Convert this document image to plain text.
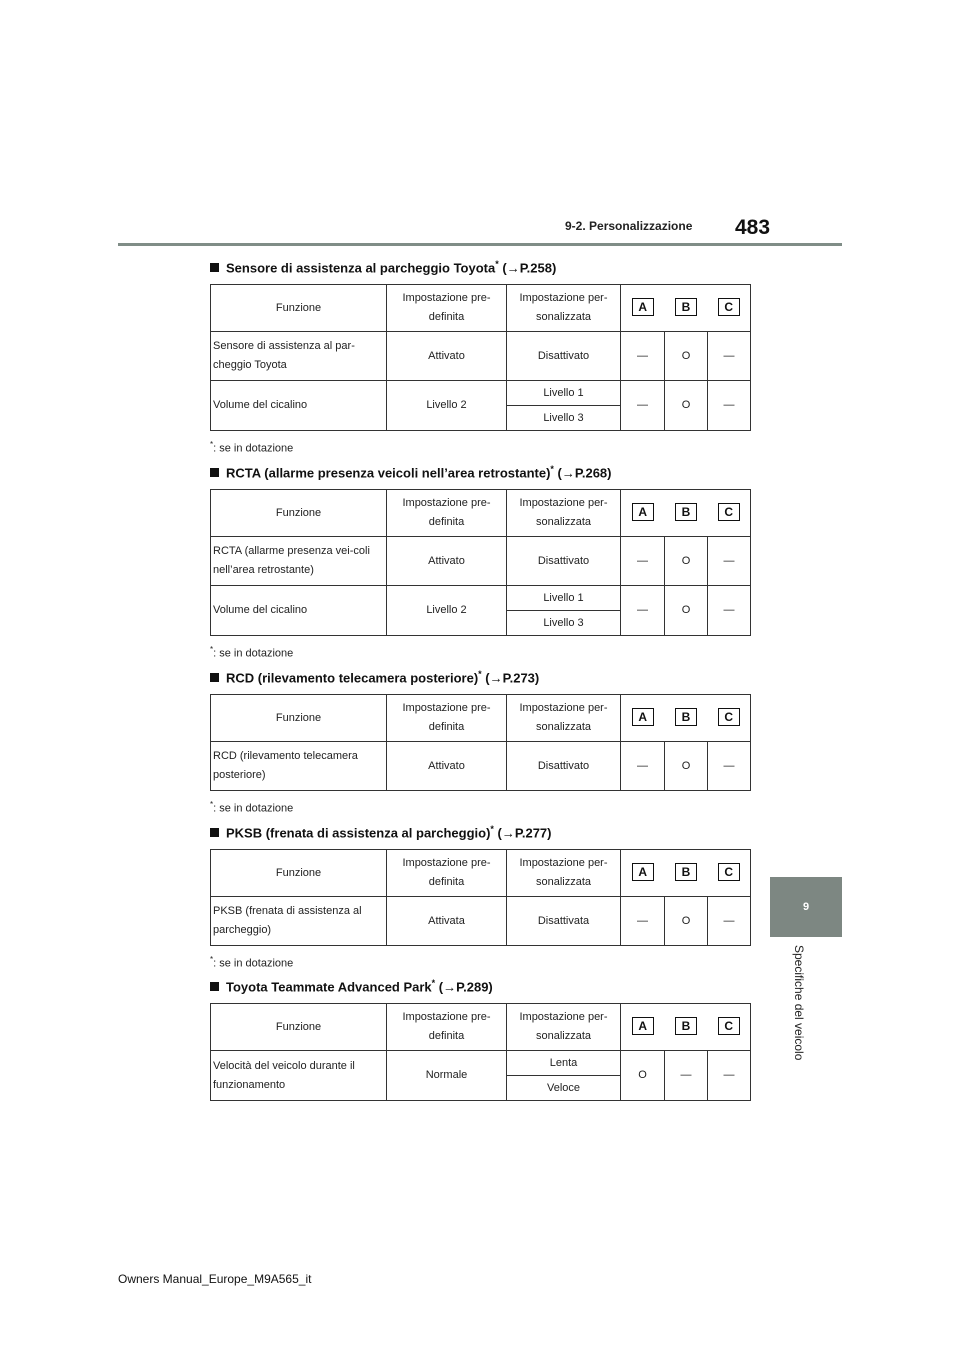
9-2. Personalizzazione	483
9
Specifiche del veicolo
Owners Manual_Europe_M9A565_it
Sensore di assistenza al parcheggio Toyota* (→P.258)
Funzione	Impostazione pre-definita	Impostazione per-sonalizzata	A	B	C
Sensore di assistenza al par-cheggio Toyota	Attivato	Disattivato	—	O	—
Volume del cicalino	Livello 2	Livello 1	—	O	—
		Livello 3			
*: se in dotazione
RCTA (allarme presenza veicoli nell’area retrostante)* (→P.268)
Funzione	Impostazione pre-definita	Impostazione per-sonalizzata	A	B	C
RCTA (allarme presenza vei-coli nell’area retrostante)	Attivato	Disattivato	—	O	—
Volume del cicalino	Livello 2	Livello 1	—	O	—
		Livello 3			
*: se in dotazione
RCD (rilevamento telecamera posteriore)* (→P.273)
Funzione	Impostazione pre-definita	Impostazione per-sonalizzata	A	B	C
RCD (rilevamento telecamera posteriore)	Attivato	Disattivato	—	O	—
*: se in dotazione
PKSB (frenata di assistenza al parcheggio)* (→P.277)
Funzione	Impostazione pre-definita	Impostazione per-sonalizzata	A	B	C
PKSB (frenata di assistenza al parcheggio)	Attivata	Disattivata	—	O	—
*: se in dotazione
Toyota Teammate Advanced Park* (→P.289)
Funzione	Impostazione pre-definita	Impostazione per-sonalizzata	A	B	C
Velocità del veicolo durante il funzionamento	Normale	Lenta	O	—	—
		Veloce			
